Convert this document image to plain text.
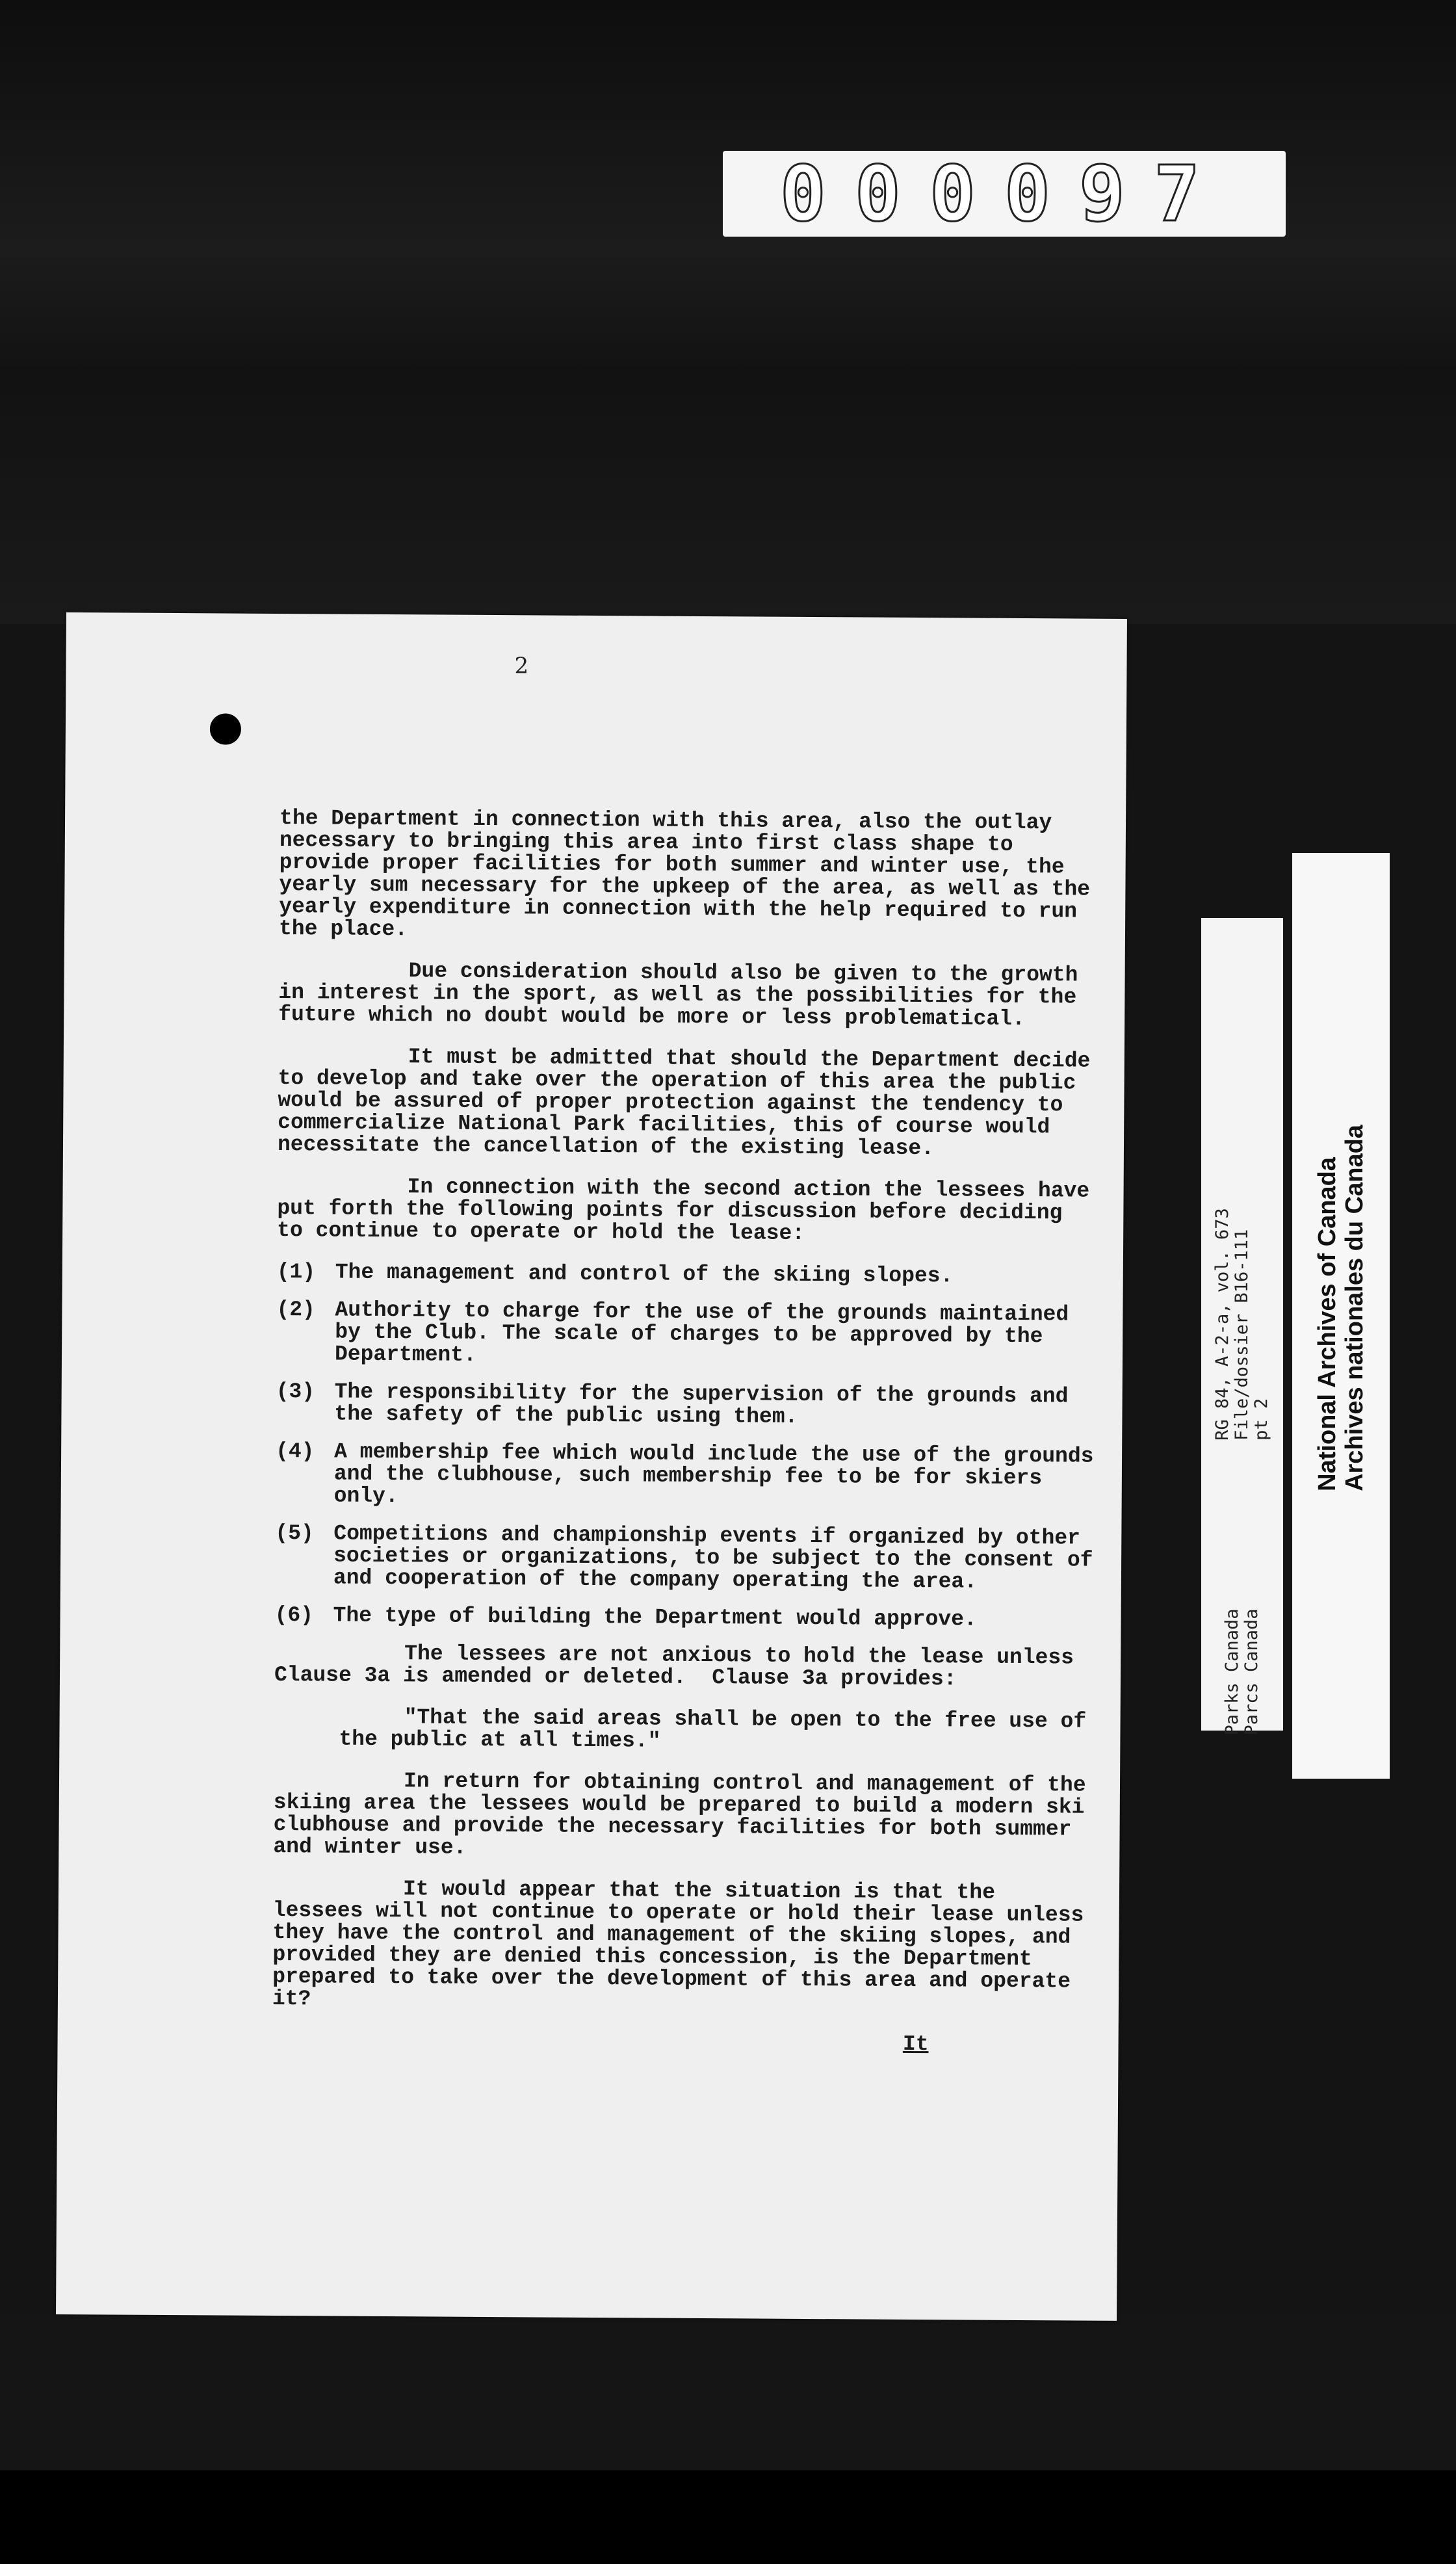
000097
2

the Department in connection with this area, also the outlay necessary to bringing this area into first class shape to provide proper facilities for both summer and winter use, the yearly sum necessary for the upkeep of the area, as well as the yearly expenditure in connection with the help required to run the place.

Due consideration should also be given to the growth in interest in the sport, as well as the possibilities for the future which no doubt would be more or less problematical.

It must be admitted that should the Department decide to develop and take over the operation of this area the public would be assured of proper protection against the tendency to commercialize National Park facilities, this of course would necessitate the cancellation of the existing lease.

In connection with the second action the lessees have put forth the following points for discussion before deciding to continue to operate or hold the lease:

(1) The management and control of the skiing slopes.
(2) Authority to charge for the use of the grounds maintained by the Club. The scale of charges to be approved by the Department.
(3) The responsibility for the supervision of the grounds and the safety of the public using them.
(4) A membership fee which would include the use of the grounds and the clubhouse, such membership fee to be for skiers only.
(5) Competitions and championship events if organized by other societies or organizations, to be subject to the consent of and cooperation of the company operating the area.
(6) The type of building the Department would approve.

The lessees are not anxious to hold the lease unless Clause 3a is amended or deleted.  Clause 3a provides:

"That the said areas shall be open to the free use of the public at all times."

In return for obtaining control and management of the skiing area the lessees would be prepared to build a modern ski clubhouse and provide the necessary facilities for both summer and winter use.

It would appear that the situation is that the lessees will not continue to operate or hold their lease unless they have the control and management of the skiing slopes, and provided they are denied this concession, is the Department prepared to take over the development of this area and operate it?

It

RG 84, A-2-a, vol. 673 File/dossier B16-111 pt 2
Parks Canada Parcs Canada
National Archives of Canada Archives nationales du Canada
